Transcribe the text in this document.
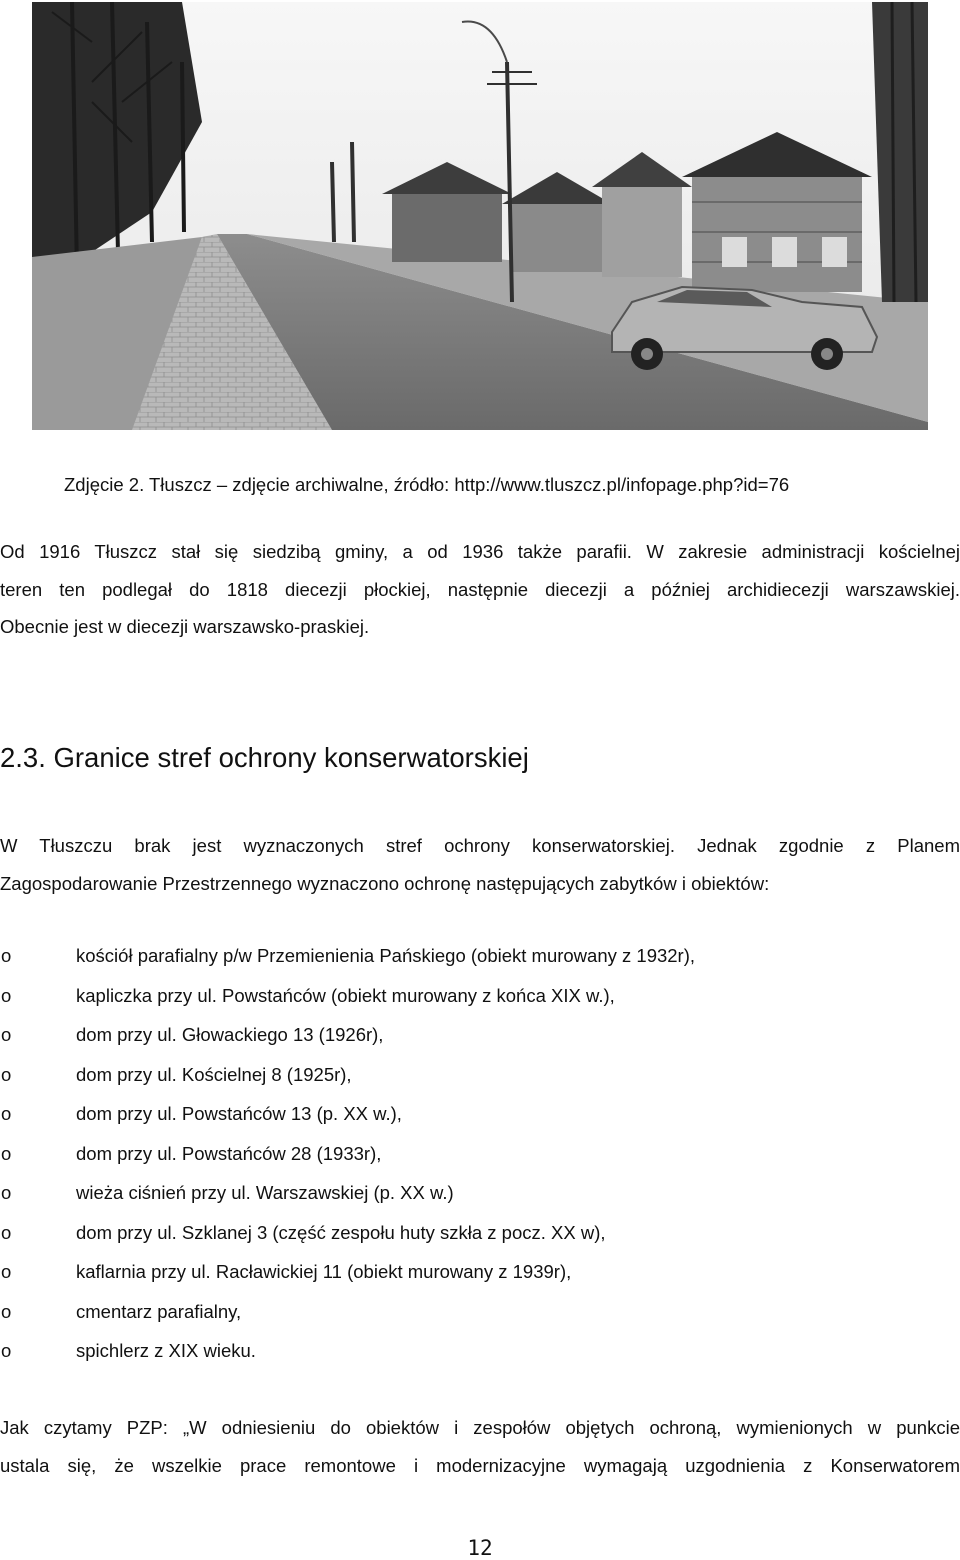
Zdjęcie 2. Tłuszcz – zdjęcie archiwalne, źródło: http://www.tluszcz.pl/infopage.php?id=76

Od 1916 Tłuszcz stał się siedzibą gminy, a od 1936 także parafii. W zakresie administracji kościelnej
teren ten podlegał do 1818 diecezji płockiej, następnie diecezji a później archidiecezji warszawskiej.
Obecnie jest w diecezji warszawsko-praskiej.

2.3. Granice stref ochrony konserwatorskiej

W Tłuszczu brak jest wyznaczonych stref ochrony konserwatorskiej. Jednak zgodnie z Planem
Zagospodarowanie Przestrzennego wyznaczono ochronę następujących zabytków i obiektów:

o	kościół parafialny p/w Przemienienia Pańskiego (obiekt murowany z 1932r),
o	kapliczka przy ul. Powstańców (obiekt murowany z końca XIX w.),
o	dom przy ul. Głowackiego 13 (1926r),
o	dom przy ul. Kościelnej 8 (1925r),
o	dom przy ul. Powstańców 13 (p. XX w.),
o	dom przy ul. Powstańców 28 (1933r),
o	wieża ciśnień przy ul. Warszawskiej (p. XX w.)
o	dom przy ul. Szklanej 3 (część zespołu huty szkła z pocz. XX w),
o	kaflarnia przy ul. Racławickiej 11 (obiekt murowany z 1939r),
o	cmentarz parafialny,
o	spichlerz z XIX wieku.

Jak czytamy PZP: „W odniesieniu do obiektów i zespołów objętych ochroną, wymienionych w punkcie
ustala się, że wszelkie prace remontowe i modernizacyjne wymagają uzgodnienia z Konserwatorem

12
